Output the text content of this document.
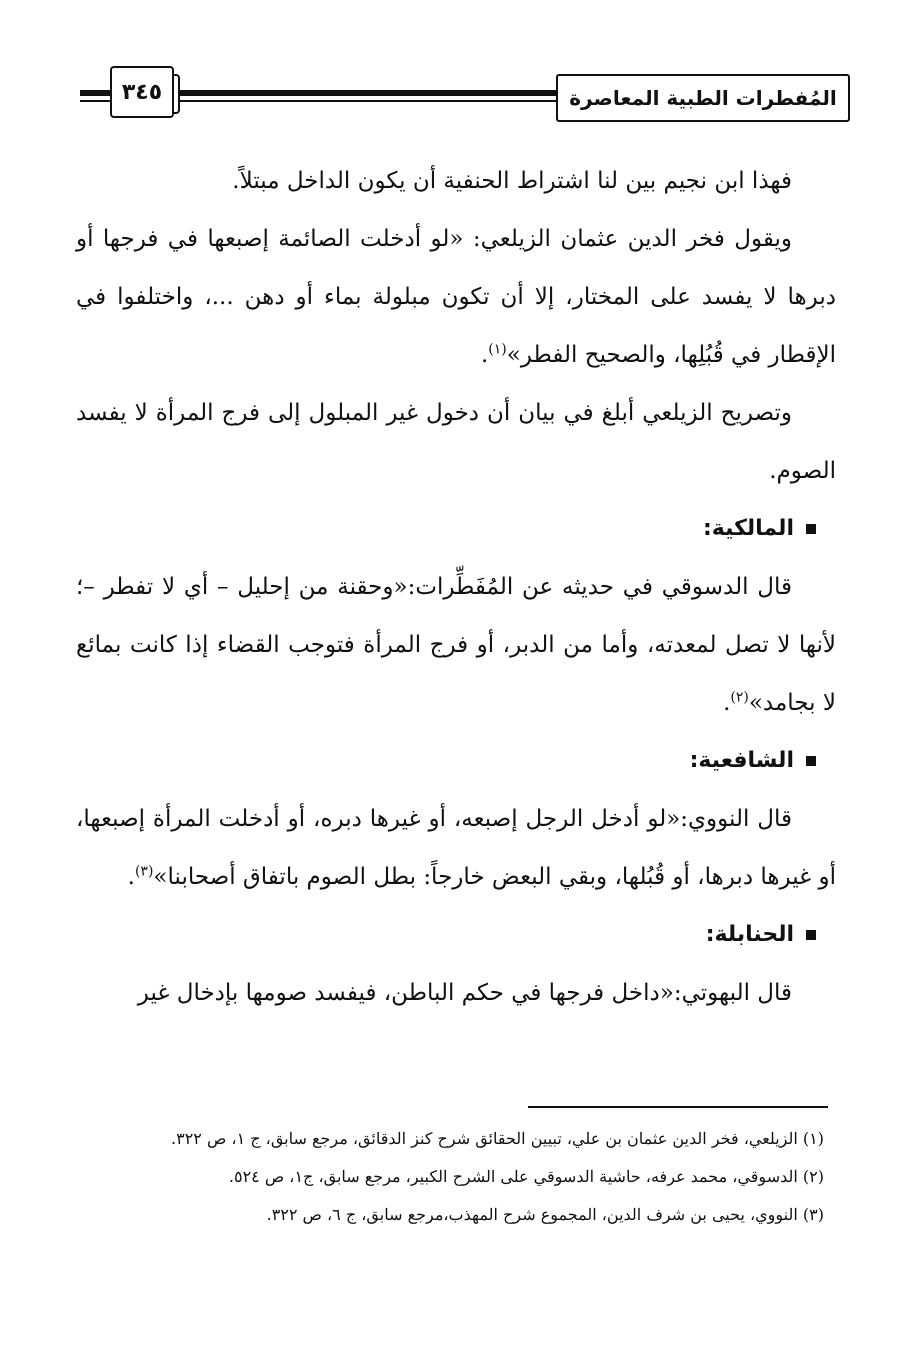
٣٤٥	المُفطرات الطبية المعاصرة

فهذا ابن نجيم بين لنا اشتراط الحنفية أن يكون الداخل مبتلاً.

ويقول فخر الدين عثمان الزيلعي: «لو أدخلت الصائمة إصبعها في فرجها أو دبرها لا يفسد على المختار، إلا أن تكون مبلولة بماء أو دهن ...، واختلفوا في الإقطار في قُبُلِها، والصحيح الفطر»$^{(١)}$.

وتصريح الزيلعي أبلغ في بيان أن دخول غير المبلول إلى فرج المرأة لا يفسد الصوم.

المالكية:

قال الدسوقي في حديثه عن المُفَطِّرات:«وحقنة من إحليل – أي لا تفطر –؛ لأنها لا تصل لمعدته، وأما من الدبر، أو فرج المرأة فتوجب القضاء إذا كانت بمائع لا بجامد»$^{(٢)}$.

الشافعية:

قال النووي:«لو أدخل الرجل إصبعه، أو غيرها دبره، أو أدخلت المرأة إصبعها، أو غيرها دبرها، أو قُبُلها، وبقي البعض خارجاً: بطل الصوم باتفاق أصحابنا»$^{(٣)}$.

الحنابلة:

قال البهوتي:«داخل فرجها في حكم الباطن، فيفسد صومها بإدخال غير

(١) الزيلعي، فخر الدين عثمان بن علي، تبيين الحقائق شرح كنز الدقائق، مرجع سابق، ج ١، ص ٣٢٢.

(٢) الدسوقي، محمد عرفه، حاشية الدسوقي على الشرح الكبير، مرجع سابق، ج١، ص ٥٢٤.

(٣) النووي، يحيى بن شرف الدين، المجموع شرح المهذب،مرجع سابق، ج ٦، ص ٣٢٢.
